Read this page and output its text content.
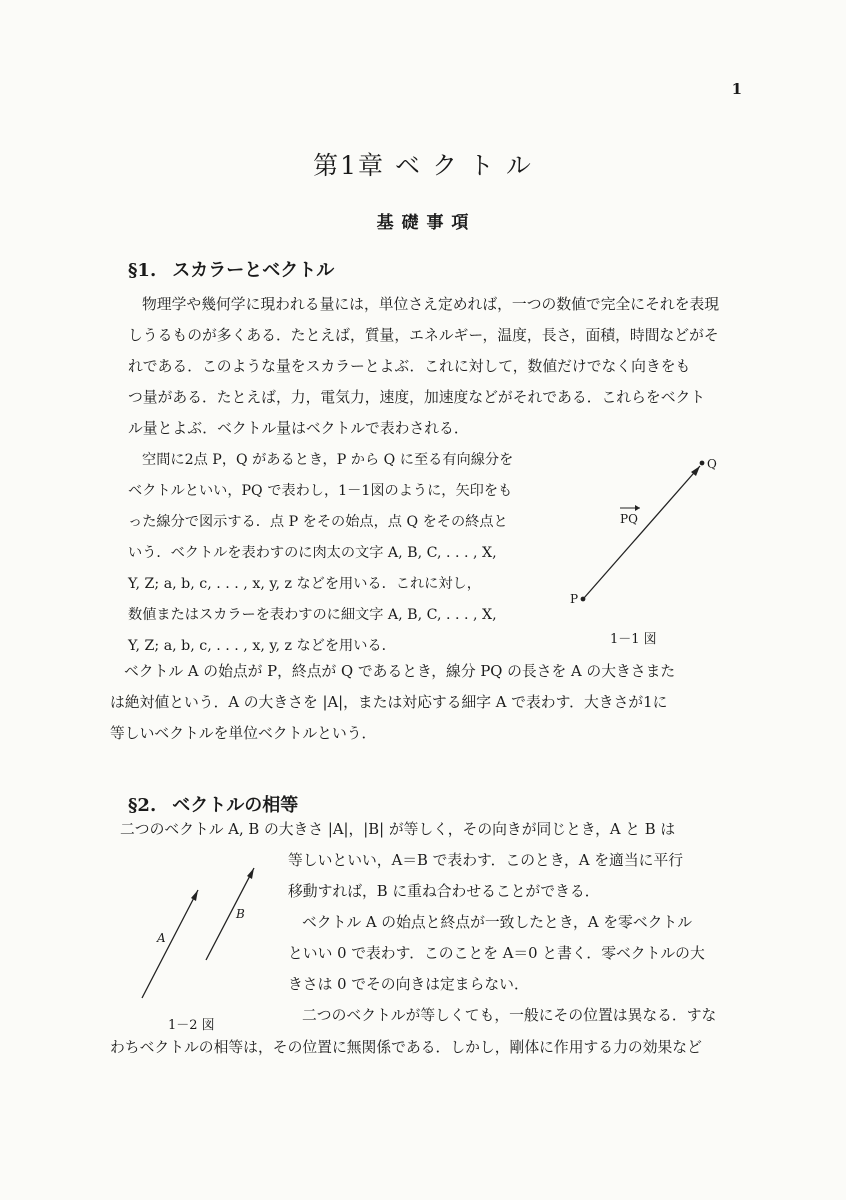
1
第1章 ベ ク ト ル
基 礎 事 項
§1. スカラーとベクトル
物理学や幾何学に現われる量には，単位さえ定めれば，一つの数値で完全にそれを表現
しうるものが多くある．たとえば，質量，エネルギー，温度，長さ，面積，時間などがそ
れである．このような量をスカラーとよぶ．これに対して，数値だけでなく向きをも
つ量がある．たとえば，力，電気力，速度，加速度などがそれである．これらをベクト
ル量とよぶ．ベクトル量はベクトルで表わされる．
空間に2点 P，Q があるとき，P から Q に至る有向線分を
ベクトルといい，PQ で表わし，1－1図のように，矢印をも
った線分で図示する．点 P をその始点，点 Q をその終点と
いう．ベクトルを表わすのに肉太の文字 A, B, C, . . . , X,
Y, Z; a, b, c, . . . , x, y, z などを用いる．これに対し，
数値またはスカラーを表わすのに細文字 A, B, C, . . . , X,
Y, Z; a, b, c, . . . , x, y, z などを用いる．
Q
P
PQ
1－1 図
ベクトル A の始点が P，終点が Q であるとき，線分 PQ の長さを A の大きさまた
は絶対値という．A の大きさを |A|，または対応する細字 A で表わす．大きさが1に
等しいベクトルを単位ベクトルという．
§2. ベクトルの相等
二つのベクトル A, B の大きさ |A|，|B| が等しく，その向きが同じとき，A と B は
等しいといい，A＝B で表わす．このとき，A を適当に平行
移動すれば，B に重ね合わせることができる．
ベクトル A の始点と終点が一致したとき，A を零ベクトル
といい 0 で表わす．このことを A＝0 と書く．零ベクトルの大
きさは 0 でその向きは定まらない．
二つのベクトルが等しくても，一般にその位置は異なる．すな
A
B
1－2 図
わちベクトルの相等は，その位置に無関係である．しかし，剛体に作用する力の効果など
